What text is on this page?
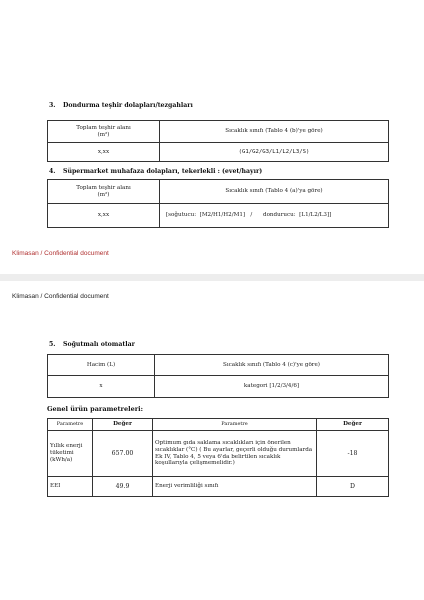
3. Dondurma teşhir dolapları/tezgahları
Toplam teşhir alanı
(m²)	Sıcaklık sınıfı (Tablo 4 (b)'ye göre)
x,xx	(G1/G2/G3/L1/L2/L3/S)
4. Süpermarket muhafaza dolapları, tekerlekli : (evet/hayır)
Toplam teşhir alanı
(m²)	Sıcaklık sınıfı (Tablo 4 (a)'ya göre)
x,xx	[soğutucu:  [M2/H1/H2/M1]   /      dondurucu:  [L1/L2/L3]]
Klimasan / Confidential document
Klimasan / Confidential document
5. Soğutmalı otomatlar
Hacim (L)	Sıcaklık sınıfı (Tablo 4 (c)'ye göre)
x	kategori [1/2/3/4/6]
Genel ürün parametreleri:
Parametre	Değer	Parametre	Değer
Yıllık enerji tüketimi (kWh/a)	657.00	Optimum gıda saklama sıcaklıkları için önerilen sıcaklıklar (°C) ( Bu ayarlar, geçerli olduğu durumlarda Ek IV, Tablo 4, 5 veya 6'da belirtilen sıcaklık koşullarıyla çelişmemelidir.)	-18
EEI	49.9	Enerji verimliliği sınıfı	D
